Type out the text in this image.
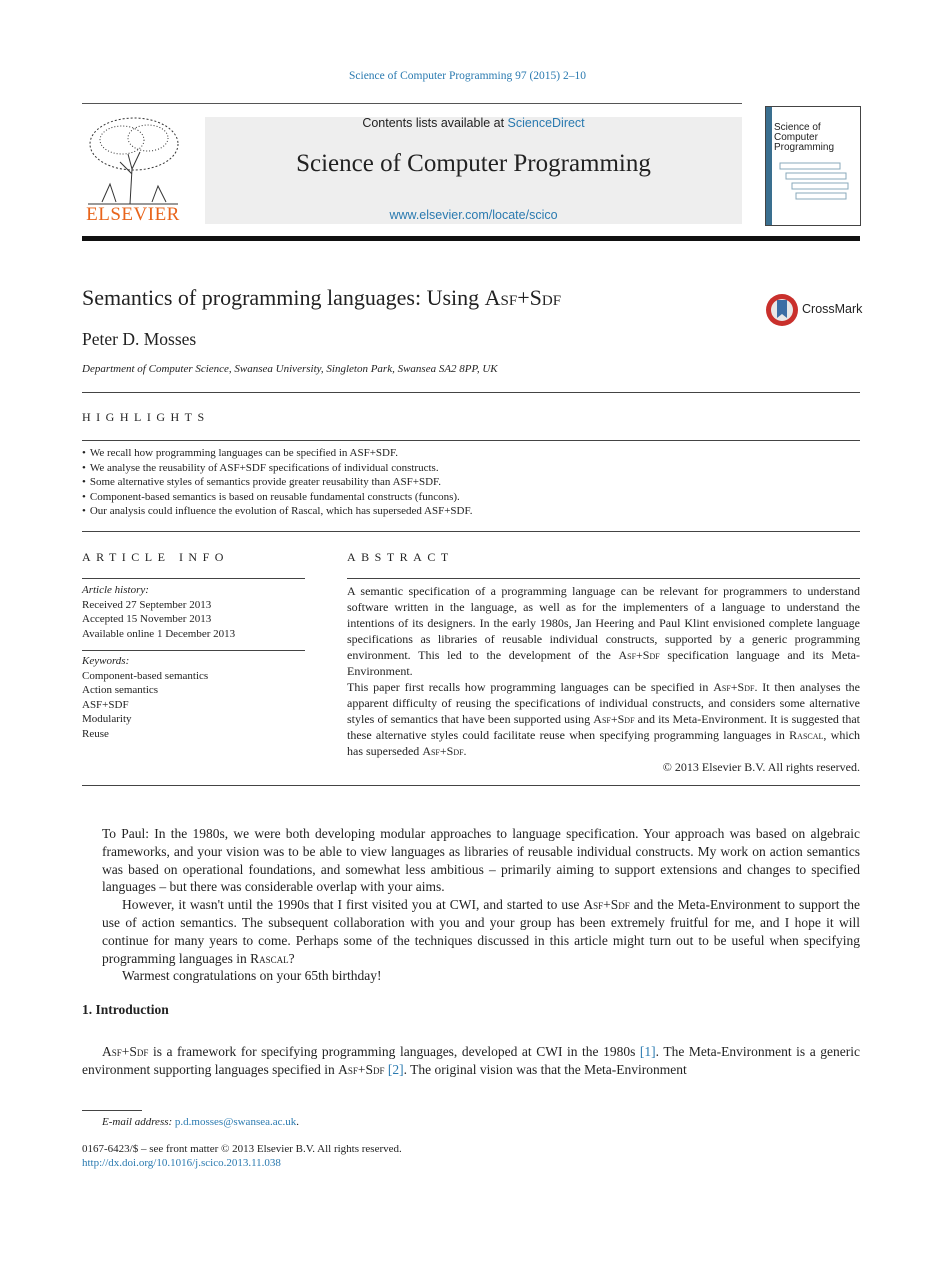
Science of Computer Programming 97 (2015) 2–10
ELSEVIER
Contents lists available at ScienceDirect
Science of Computer Programming
www.elsevier.com/locate/scico
Science of Computer Programming
Semantics of programming languages: Using Asf+Sdf	CrossMark
Peter D. Mosses
Department of Computer Science, Swansea University, Singleton Park, Swansea SA2 8PP, UK
HIGHLIGHTS
• We recall how programming languages can be specified in ASF+SDF.
• We analyse the reusability of ASF+SDF specifications of individual constructs.
• Some alternative styles of semantics provide greater reusability than ASF+SDF.
• Component-based semantics is based on reusable fundamental constructs (funcons).
• Our analysis could influence the evolution of Rascal, which has superseded ASF+SDF.
ARTICLE INFO
Article history:
Received 27 September 2013
Accepted 15 November 2013
Available online 1 December 2013
Keywords:
Component-based semantics
Action semantics
ASF+SDF
Modularity
Reuse
ABSTRACT

A semantic specification of a programming language can be relevant for programmers to understand software written in the language, as well as for the implementers of a language to understand the intentions of its designers. In the early 1980s, Jan Heering and Paul Klint envisioned complete language specifications as libraries of reusable individual constructs, supported by a generic programming environment. This led to the development of the Asf+Sdf specification language and its Meta-Environment.

This paper first recalls how programming languages can be specified in Asf+Sdf. It then analyses the apparent difficulty of reusing the specifications of individual constructs, and considers some alternative styles of semantics that have been supported using Asf+Sdf and its Meta-Environment. It is suggested that these alternative styles could facilitate reuse when specifying programming languages in Rascal, which has superseded Asf+Sdf.

© 2013 Elsevier B.V. All rights reserved.

To Paul: In the 1980s, we were both developing modular approaches to language specification. Your approach was based on algebraic frameworks, and your vision was to be able to view languages as libraries of reusable individual constructs. My work on action semantics was based on operational foundations, and somewhat less ambitious – primarily aiming to support extensions and changes to specified languages – but there was considerable overlap with your aims.

However, it wasn't until the 1990s that I first visited you at CWI, and started to use Asf+Sdf and the Meta-Environment to support the use of action semantics. The subsequent collaboration with you and your group has been extremely fruitful for me, and I hope it will continue for many years to come. Perhaps some of the techniques discussed in this article might turn out to be useful when specifying programming languages in Rascal?

Warmest congratulations on your 65th birthday!

1. Introduction

Asf+Sdf is a framework for specifying programming languages, developed at CWI in the 1980s [1]. The Meta-Environment is a generic environment supporting languages specified in Asf+Sdf [2]. The original vision was that the Meta-Environment

E-mail address: p.d.mosses@swansea.ac.uk.
0167-6423/$ – see front matter © 2013 Elsevier B.V. All rights reserved.
http://dx.doi.org/10.1016/j.scico.2013.11.038
